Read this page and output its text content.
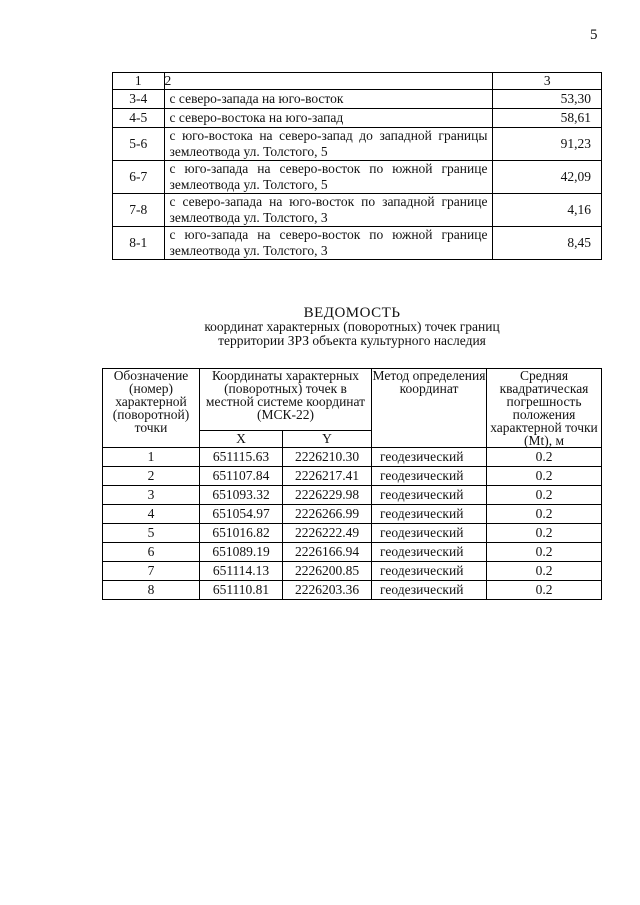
5
1	2	3
3-4	с северо-запада на юго-восток	53,30
4-5	с северо-востока на юго-запад	58,61
5-6	с юго-востока на северо-запад до западной границы землеотвода ул. Толстого, 5	91,23
6-7	с юго-запада на северо-восток по южной границе землеотвода ул. Толстого, 5	42,09
7-8	с северо-запада на юго-восток по западной границе землеотвода ул. Толстого, 3	4,16
8-1	с юго-запада на северо-восток по южной границе землеотвода ул. Толстого, 3	8,45
ВЕДОМОСТЬ
координат характерных (поворотных) точек границ
территории ЗРЗ объекта культурного наследия
Обозначение (номер) характерной (поворотной) точки	Координаты характерных (поворотных) точек в местной системе координат (МСК-22)		Метод определения координат	Средняя квадратическая погрешность положения характерной точки (Mt), м
	X	Y		
1	651115.63	2226210.30	геодезический	0.2
2	651107.84	2226217.41	геодезический	0.2
3	651093.32	2226229.98	геодезический	0.2
4	651054.97	2226266.99	геодезический	0.2
5	651016.82	2226222.49	геодезический	0.2
6	651089.19	2226166.94	геодезический	0.2
7	651114.13	2226200.85	геодезический	0.2
8	651110.81	2226203.36	геодезический	0.2
